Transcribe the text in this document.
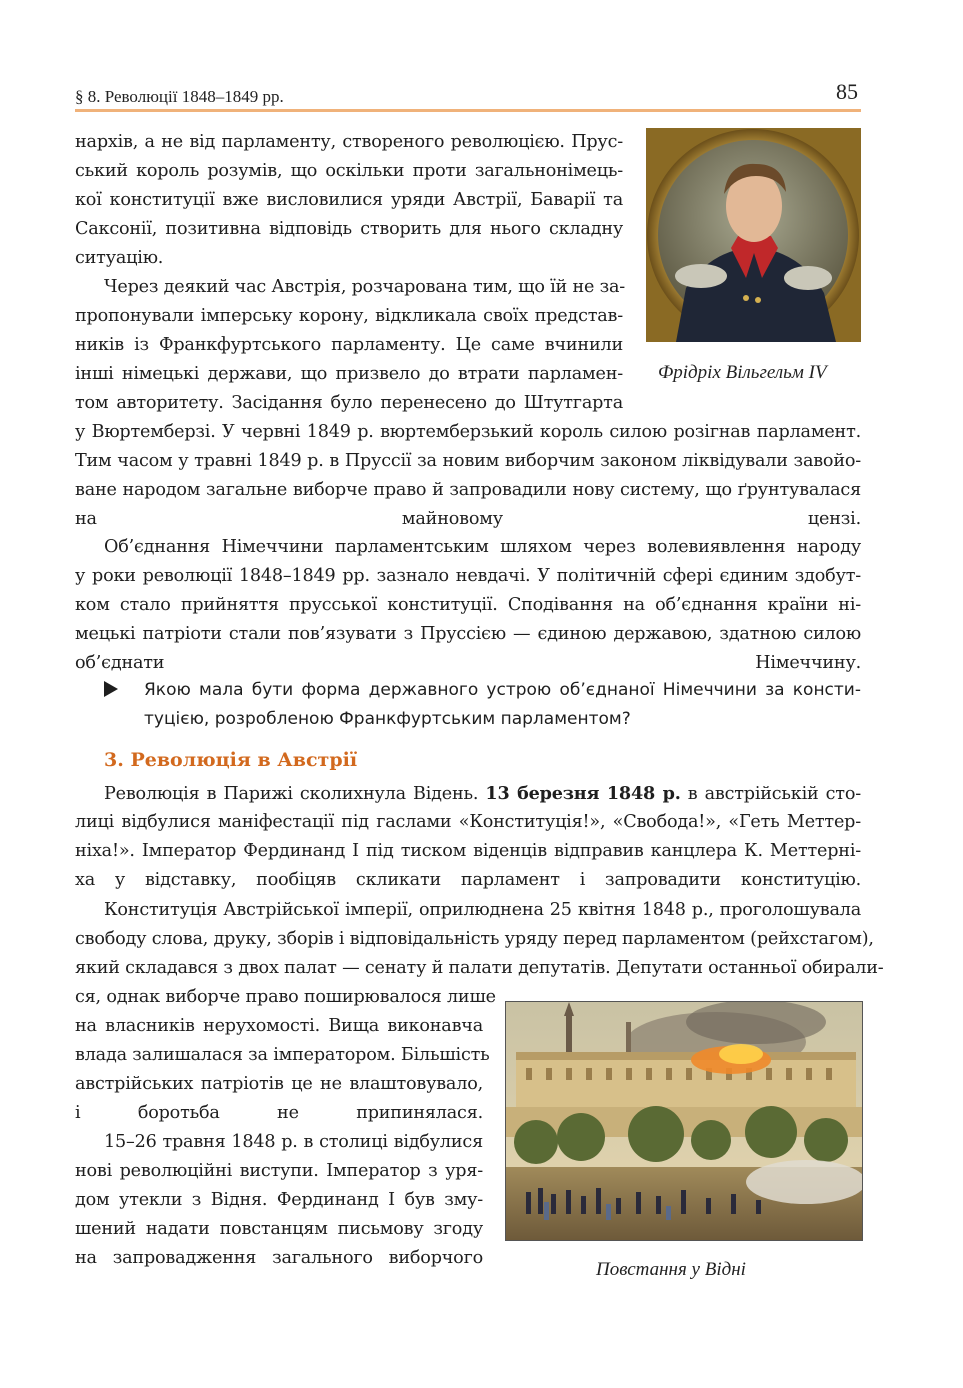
§ 8. Революції 1848–1849 рр.	85
Фрідріх Вільгельм IV
нархів, а не від парламенту, створеного революцією. Прус-
ський король розумів, що оскільки проти загальнонімець-
кої конституції вже висловилися уряди Австрії, Баварії та
Саксонії, позитивна відповідь створить для нього складну
ситуацію.
Через деякий час Австрія, розчарована тим, що їй не за-
пропонували імперську корону, відкликала своїх представ-
ників із Франкфуртського парламенту. Це саме вчинили
інші німецькі держави, що призвело до втрати парламен-
том авторитету. Засідання було перенесено до Штутгарта
у Вюртемберзі. У червні 1849 р. вюртемберзький король силою розігнав парламент.
Тим часом у травні 1849 р. в Пруссії за новим виборчим законом ліквідували завойо-
ване народом загальне виборче право й запровадили нову систему, що ґрунтувалася
на майновому цензі.
Об’єднання Німеччини парламентським шляхом через волевиявлення народу
у роки революції 1848–1849 рр. зазнало невдачі. У політичній сфері єдиним здобут-
ком стало прийняття прусської конституції. Сподівання на об’єднання країни ні-
мецькі патріоти стали пов’язувати з Пруссією — єдиною державою, здатною силою
об’єднати Німеччину.
Якою мала бути форма державного устрою об’єднаної Німеччини за консти-
туцією, розробленою Франкфуртським парламентом?
3. Революція в Австрії
Революція в Парижі сколихнула Відень. 13 березня 1848 р. в австрійській сто-
лиці відбулися маніфестації під гаслами «Конституція!», «Свобода!», «Геть Меттер-
ніха!». Імператор Фердинанд І під тиском віденців відправив канцлера К. Меттерні-
ха у відставку, пообіцяв скликати парламент і запровадити конституцію.
Конституція Австрійської імперії, оприлюднена 25 квітня 1848 р., проголошувала
свободу слова, друку, зборів і відповідальність уряду перед парламентом (рейхстагом),
який складався з двох палат — сенату й палати депутатів. Депутати останньої обирали-
ся, однак виборче право поширювалося лише
на власників нерухомості. Вища виконавча
влада залишалася за імператором. Більшість
австрійських патріотів це не влаштовувало,
і боротьба не припинялася.
15–26 травня 1848 р. в столиці відбулися
нові революційні виступи. Імператор з уря-
дом утекли з Відня. Фердинанд І був зму-
шений надати повстанцям письмову згоду
на запровадження загального виборчого
Повстання у Відні
